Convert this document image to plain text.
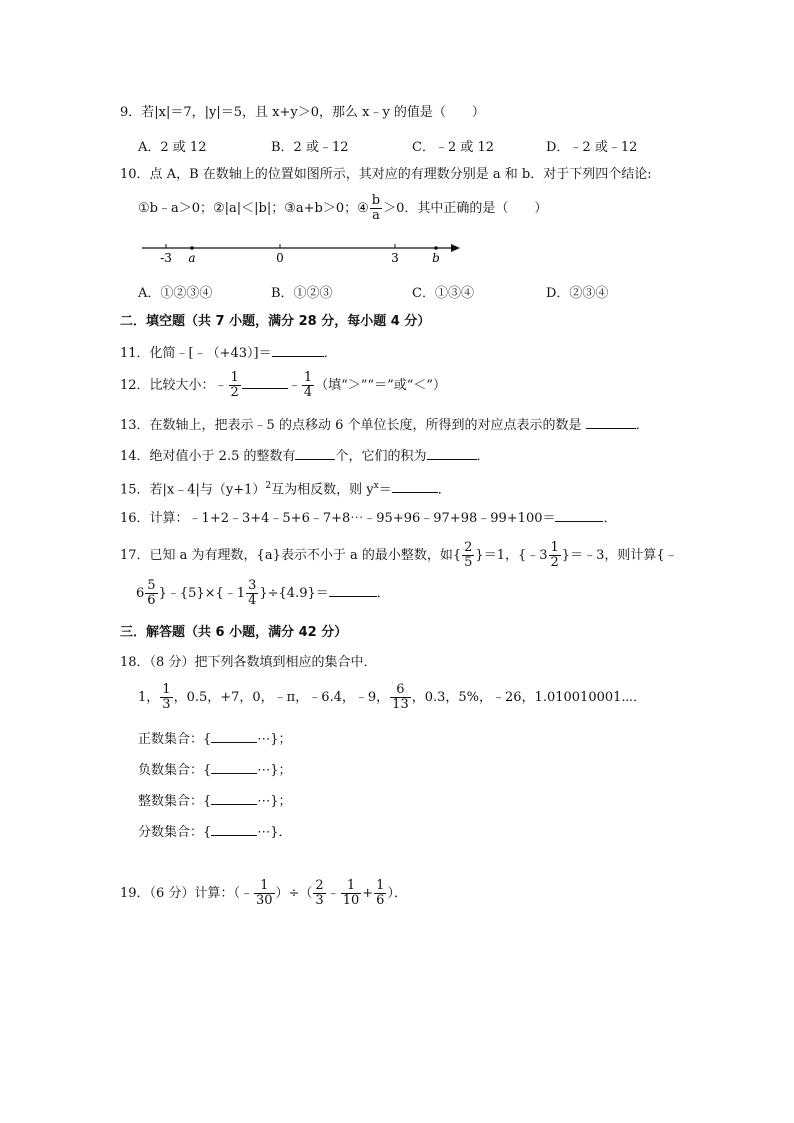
9．若|x|＝7，|y|＝5，且 x+y＞0，那么 x﹣y 的值是（　　）
A．2 或 12	B．2 或﹣12	C．﹣2 或 12	D．﹣2 或﹣12
10．点 A，B 在数轴上的位置如图所示，其对应的有理数分别是 a 和 b．对于下列四个结论:
①b﹣a＞0；②|a|＜|b|；③a+b＞0；④ $\frac{b}{a} >0$．其中正确的是（　　）
-3	0	3
a	b
A．①②③④	B．①②③	C．①③④	D．②③④
二．填空题（共 7 小题，满分 28 分，每小题 4 分）
11．化简﹣[﹣（+43）]＝	．
12．比较大小：﹣ $\frac{1}{2}$	﹣ $\frac{1}{4}$ （填“＞”“＝”或“＜”）
13．在数轴上，把表示﹣5 的点移动 6 个单位长度，所得到的对应点表示的数是	．
14．绝对值小于 2.5 的整数有	个，它们的积为	．
15．若|x﹣4|与$(y+1)^2$互为相反数，则 $y^x=$	．
16．计算：﹣1+2﹣3+4﹣5+6﹣7+8⋯﹣95+96﹣97+98﹣99+100＝	．
17．已知 a 为有理数，{a}表示不小于 a 的最小整数，如{ $\frac{2}{5} \}=1$，{﹣3 $\frac{1}{2}$ }＝﹣3，则计算{﹣
$6 \frac{5}{6}$ }﹣{5}×{﹣1 $\frac{3}{4} \}\div\{4.9\}=$	．
三．解答题（共 6 小题，满分 42 分）
18．（8 分）把下列各数填到相应的集合中．
1， $\frac{1}{3}$ ，0.5，+7，0，﹣π，﹣6.4，﹣9， $\frac{6}{13}$ ，0.3，5%，﹣26，1.010010001⋯．
正数集合：{	⋯}；
负数集合：{	⋯}；
整数集合：{	⋯}；
分数集合：{	⋯}．
19．（6 分）计算：（﹣ $\frac{1}{30}$ ）÷（ $\frac{2}{3}$ ﹣ $\frac{1}{10} + \frac{1}{6}$ ）．
